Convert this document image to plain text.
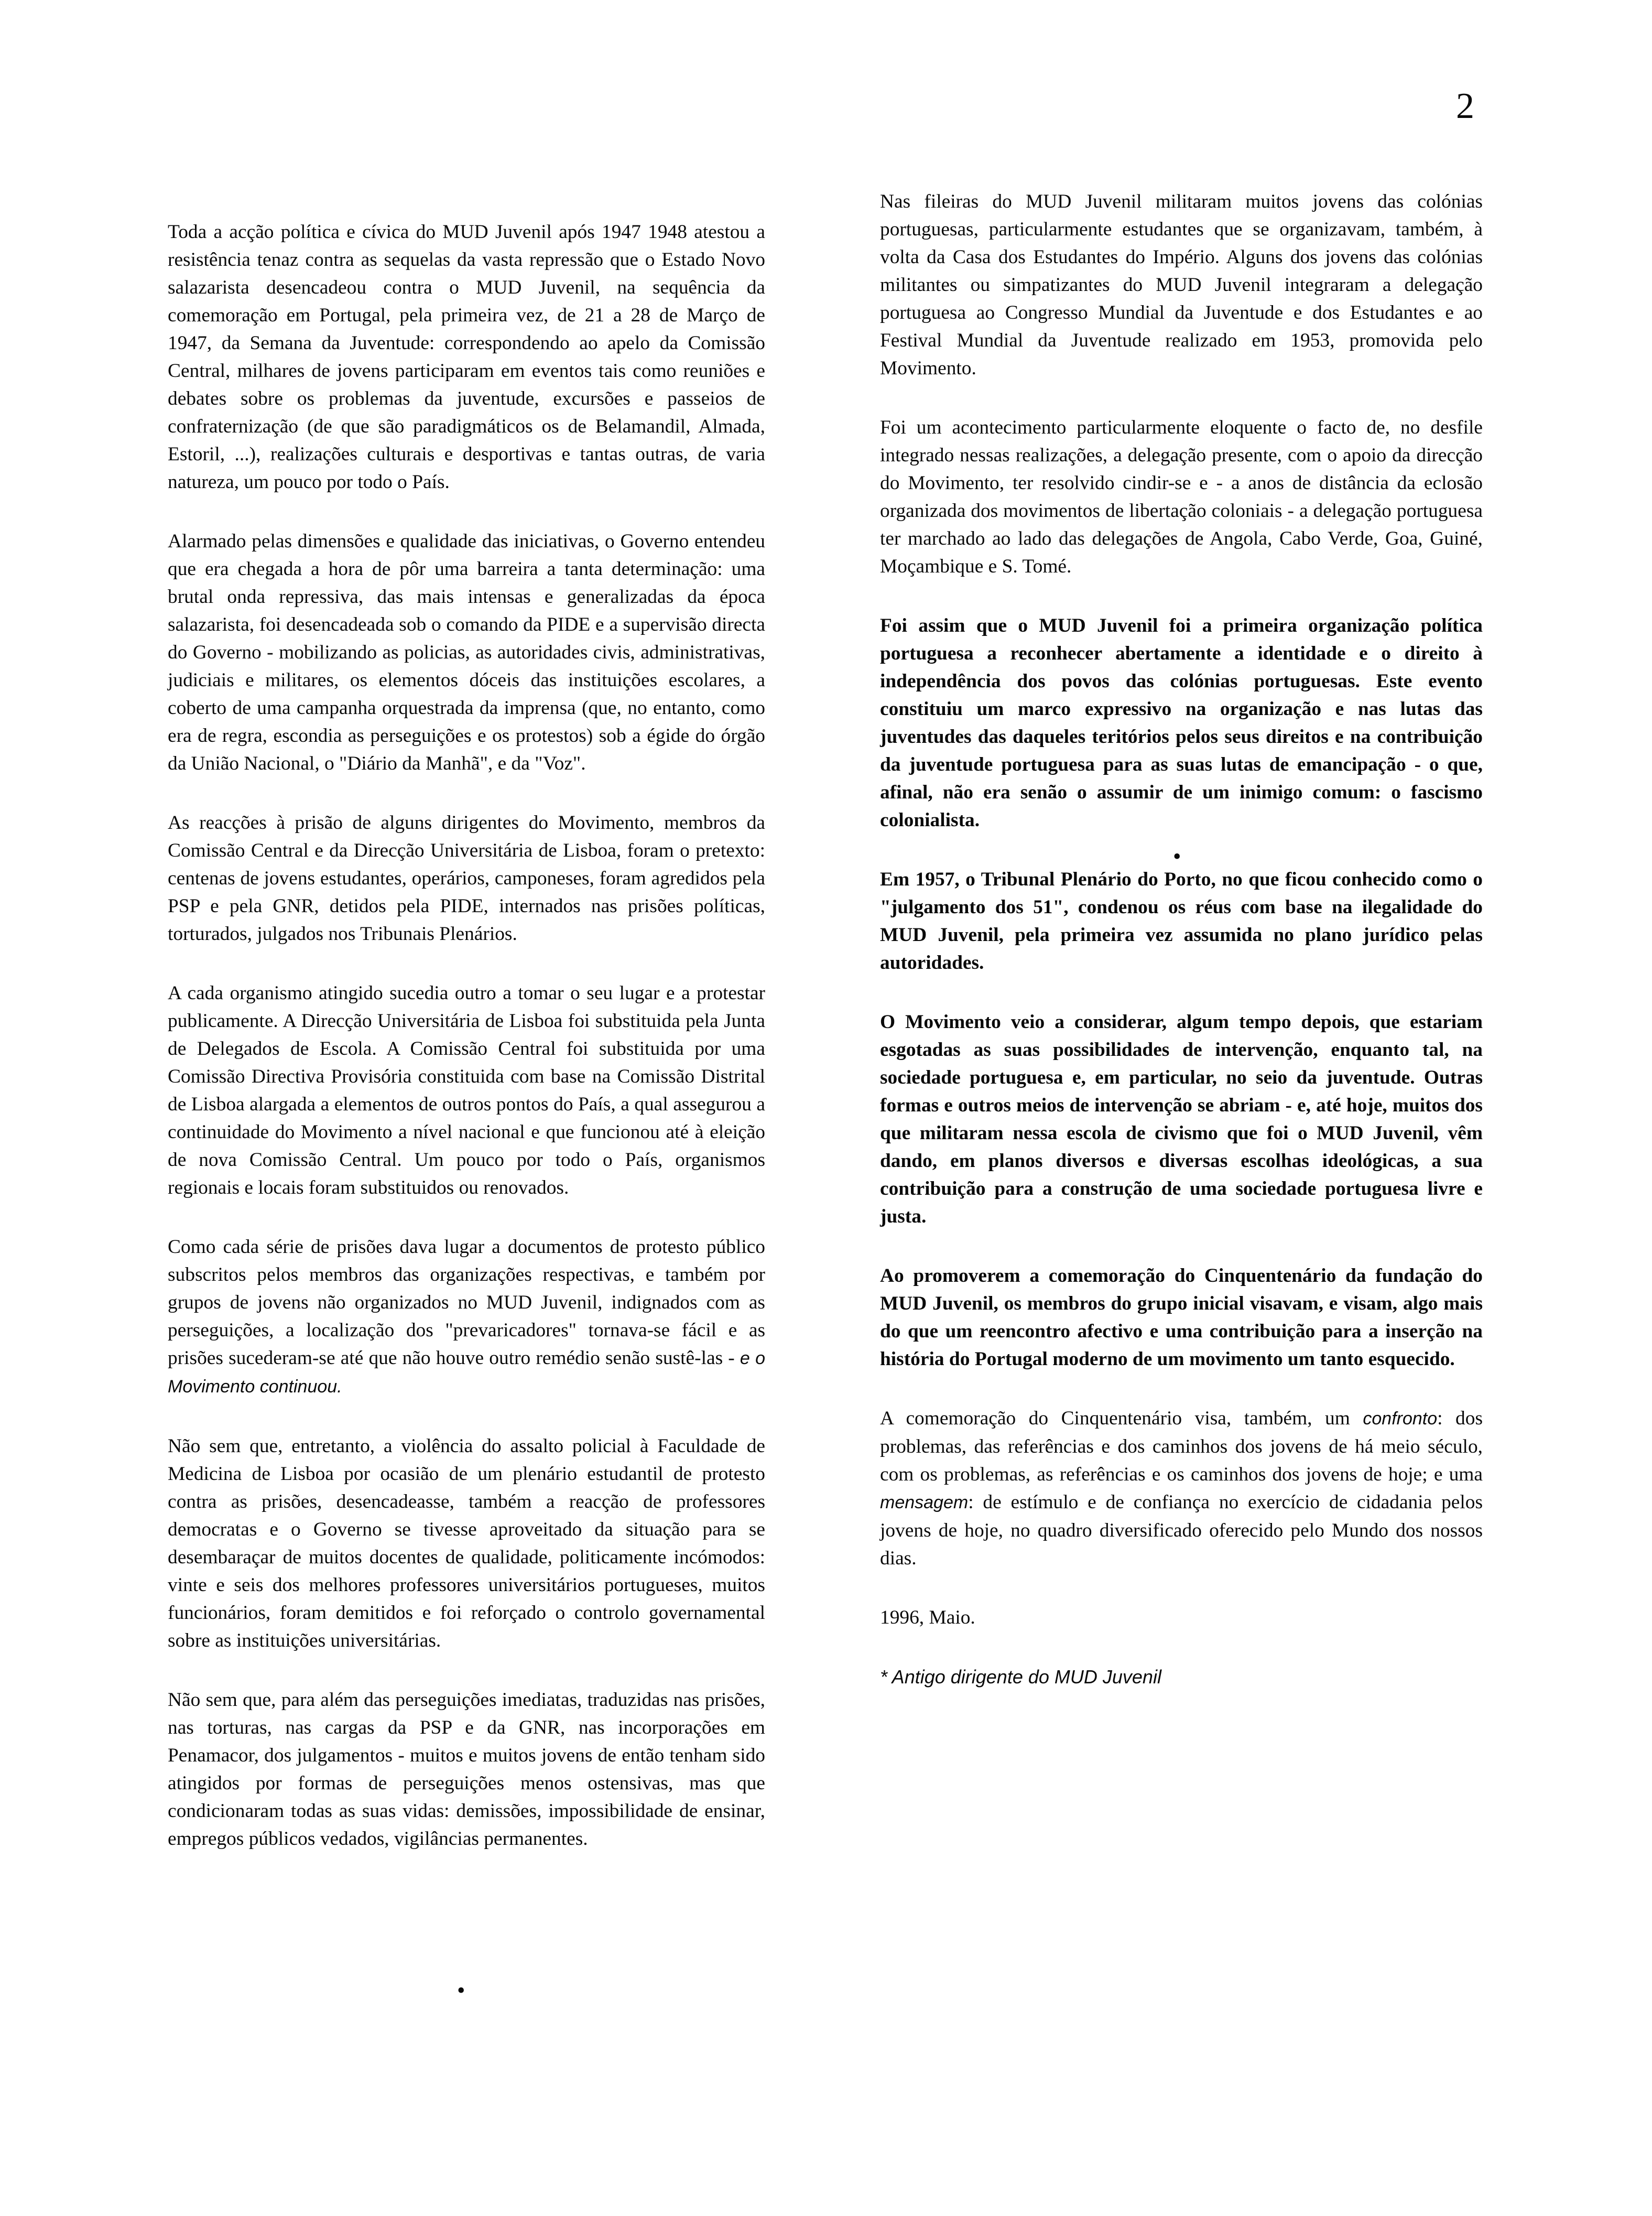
2

Toda a acção política e cívica do MUD Juvenil após 1947 1948 atestou a resistência tenaz contra as sequelas da vasta repressão que o Estado Novo salazarista desencadeou contra o MUD Juvenil, na sequência da comemoração em Portugal, pela primeira vez, de 21 a 28 de Março de 1947, da Semana da Juventude: correspondendo ao apelo da Comissão Central, milhares de jovens participaram em eventos tais como reuniões e debates sobre os problemas da juventude, excursões e passeios de confraternização (de que são paradigmáticos os de Belamandil, Almada, Estoril, ...), realizações culturais e desportivas e tantas outras, de varia natureza, um pouco por todo o País.

Alarmado pelas dimensões e qualidade das iniciativas, o Governo entendeu que era chegada a hora de pôr uma barreira a tanta determinação: uma brutal onda repressiva, das mais intensas e generalizadas da época salazarista, foi desencadeada sob o comando da PIDE e a supervisão directa do Governo - mobilizando as policias, as autoridades civis, administrativas, judiciais e militares, os elementos dóceis das instituições escolares, a coberto de uma campanha orquestrada da imprensa (que, no entanto, como era de regra, escondia as perseguições e os protestos) sob a égide do órgão da União Nacional, o "Diário da Manhã", e da "Voz".

As reacções à prisão de alguns dirigentes do Movimento, membros da Comissão Central e da Direcção Universitária de Lisboa, foram o pretexto: centenas de jovens estudantes, operários, camponeses, foram agredidos pela PSP e pela GNR, detidos pela PIDE, internados nas prisões políticas, torturados, julgados nos Tribunais Plenários.

A cada organismo atingido sucedia outro a tomar o seu lugar e a protestar publicamente. A Direcção Universitária de Lisboa foi substituida pela Junta de Delegados de Escola. A Comissão Central foi substituida por uma Comissão Directiva Provisória constituida com base na Comissão Distrital de Lisboa alargada a elementos de outros pontos do País, a qual assegurou a continuidade do Movimento a nível nacional e que funcionou até à eleição de nova Comissão Central. Um pouco por todo o País, organismos regionais e locais foram substituidos ou renovados.

Como cada série de prisões dava lugar a documentos de protesto público subscritos pelos membros das organizações respectivas, e também por grupos de jovens não organizados no MUD Juvenil, indignados com as perseguições, a localização dos "prevaricadores" tornava-se fácil e as prisões sucederam-se até que não houve outro remédio senão sustê-las - e o Movimento continuou.

Não sem que, entretanto, a violência do assalto policial à Faculdade de Medicina de Lisboa por ocasião de um plenário estudantil de protesto contra as prisões, desencadeasse, também a reacção de professores democratas e o Governo se tivesse aproveitado da situação para se desembaraçar de muitos docentes de qualidade, politicamente incómodos: vinte e seis dos melhores professores universitários portugueses, muitos funcionários, foram demitidos e foi reforçado o controlo governamental sobre as instituições universitárias.

Não sem que, para além das perseguições imediatas, traduzidas nas prisões, nas torturas, nas cargas da PSP e da GNR, nas incorporações em Penamacor, dos julgamentos - muitos e muitos jovens de então tenham sido atingidos por formas de perseguições menos ostensivas, mas que condicionaram todas as suas vidas: demissões, impossibilidade de ensinar, empregos públicos vedados, vigilâncias permanentes.

Nas fileiras do MUD Juvenil militaram muitos jovens das colónias portuguesas, particularmente estudantes que se organizavam, também, à volta da Casa dos Estudantes do Império. Alguns dos jovens das colónias militantes ou simpatizantes do MUD Juvenil integraram a delegação portuguesa ao Congresso Mundial da Juventude e dos Estudantes e ao Festival Mundial da Juventude realizado em 1953, promovida pelo Movimento.

Foi um acontecimento particularmente eloquente o facto de, no desfile integrado nessas realizações, a delegação presente, com o apoio da direcção do Movimento, ter resolvido cindir-se e - a anos de distância da eclosão organizada dos movimentos de libertação coloniais - a delegação portuguesa ter marchado ao lado das delegações de Angola, Cabo Verde, Goa, Guiné, Moçambique e S. Tomé.

Foi assim que o MUD Juvenil foi a primeira organização política portuguesa a reconhecer abertamente a identidade e o direito à independência dos povos das colónias portuguesas. Este evento constituiu um marco expressivo na organização e nas lutas das juventudes das daqueles teritórios pelos seus direitos e na contribuição da juventude portuguesa para as suas lutas de emancipação - o que, afinal, não era senão o assumir de um inimigo comum: o fascismo colonialista.

Em 1957, o Tribunal Plenário do Porto, no que ficou conhecido como o "julgamento dos 51", condenou os réus com base na ilegalidade do MUD Juvenil, pela primeira vez assumida no plano jurídico pelas autoridades.

O Movimento veio a considerar, algum tempo depois, que estariam esgotadas as suas possibilidades de intervenção, enquanto tal, na sociedade portuguesa e, em particular, no seio da juventude. Outras formas e outros meios de intervenção se abriam - e, até hoje, muitos dos que militaram nessa escola de civismo que foi o MUD Juvenil, vêm dando, em planos diversos e diversas escolhas ideológicas, a sua contribuição para a construção de uma sociedade portuguesa livre e justa.

Ao promoverem a comemoração do Cinquentenário da fundação do MUD Juvenil, os membros do grupo inicial visavam, e visam, algo mais do que um reencontro afectivo e uma contribuição para a inserção na história do Portugal moderno de um movimento um tanto esquecido.

A comemoração do Cinquentenário visa, também, um confronto: dos problemas, das referências e dos caminhos dos jovens de há meio século, com os problemas, as referências e os caminhos dos jovens de hoje; e uma mensagem: de estímulo e de confiança no exercício de cidadania pelos jovens de hoje, no quadro diversificado oferecido pelo Mundo dos nossos dias.

1996, Maio.

* Antigo dirigente do MUD Juvenil

•
•
